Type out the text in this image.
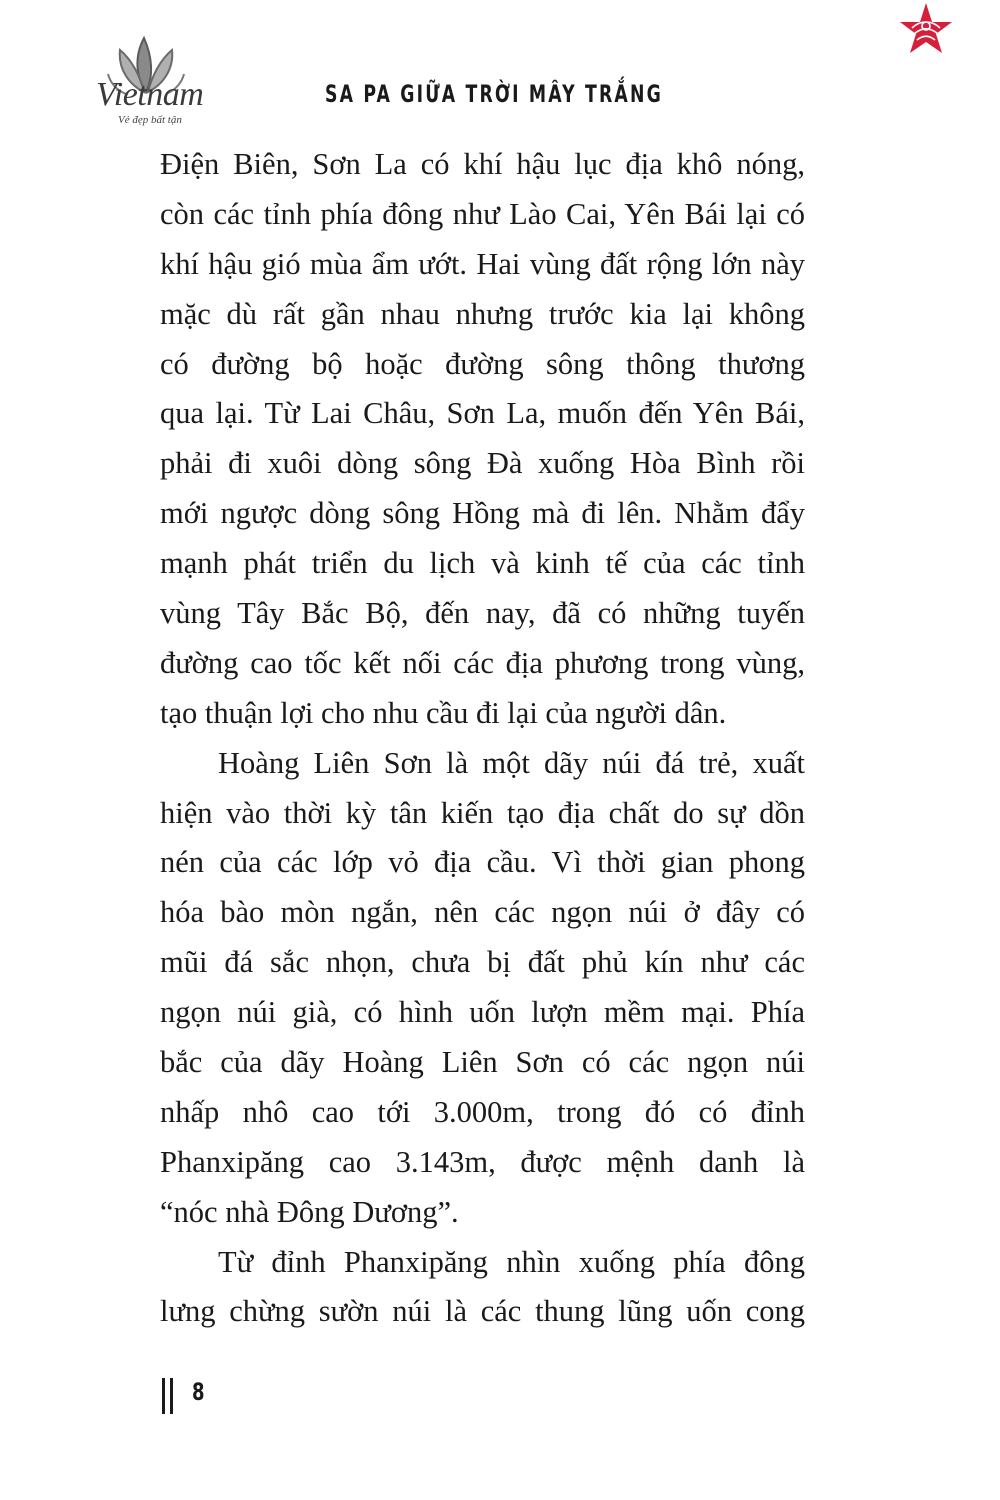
Vietnam
Vẻ đẹp bất tận
SA PA GIỮA TRỜI MÂY TRẮNG
Điện Biên, Sơn La có khí hậu lục địa khô nóng,
còn các tỉnh phía đông như Lào Cai, Yên Bái lại có
khí hậu gió mùa ẩm ướt. Hai vùng đất rộng lớn này
mặc dù rất gần nhau nhưng trước kia lại không
có đường bộ hoặc đường sông thông thương
qua lại. Từ Lai Châu, Sơn La, muốn đến Yên Bái,
phải đi xuôi dòng sông Đà xuống Hòa Bình rồi
mới ngược dòng sông Hồng mà đi lên. Nhằm đẩy
mạnh phát triển du lịch và kinh tế của các tỉnh
vùng Tây Bắc Bộ, đến nay, đã có những tuyến
đường cao tốc kết nối các địa phương trong vùng,
tạo thuận lợi cho nhu cầu đi lại của người dân.
Hoàng Liên Sơn là một dãy núi đá trẻ, xuất
hiện vào thời kỳ tân kiến tạo địa chất do sự dồn
nén của các lớp vỏ địa cầu. Vì thời gian phong
hóa bào mòn ngắn, nên các ngọn núi ở đây có
mũi đá sắc nhọn, chưa bị đất phủ kín như các
ngọn núi già, có hình uốn lượn mềm mại. Phía
bắc của dãy Hoàng Liên Sơn có các ngọn núi
nhấp nhô cao tới 3.000m, trong đó có đỉnh
Phanxipăng cao 3.143m, được mệnh danh là
“nóc nhà Đông Dương”.
Từ đỉnh Phanxipăng nhìn xuống phía đông
lưng chừng sườn núi là các thung lũng uốn cong
8
